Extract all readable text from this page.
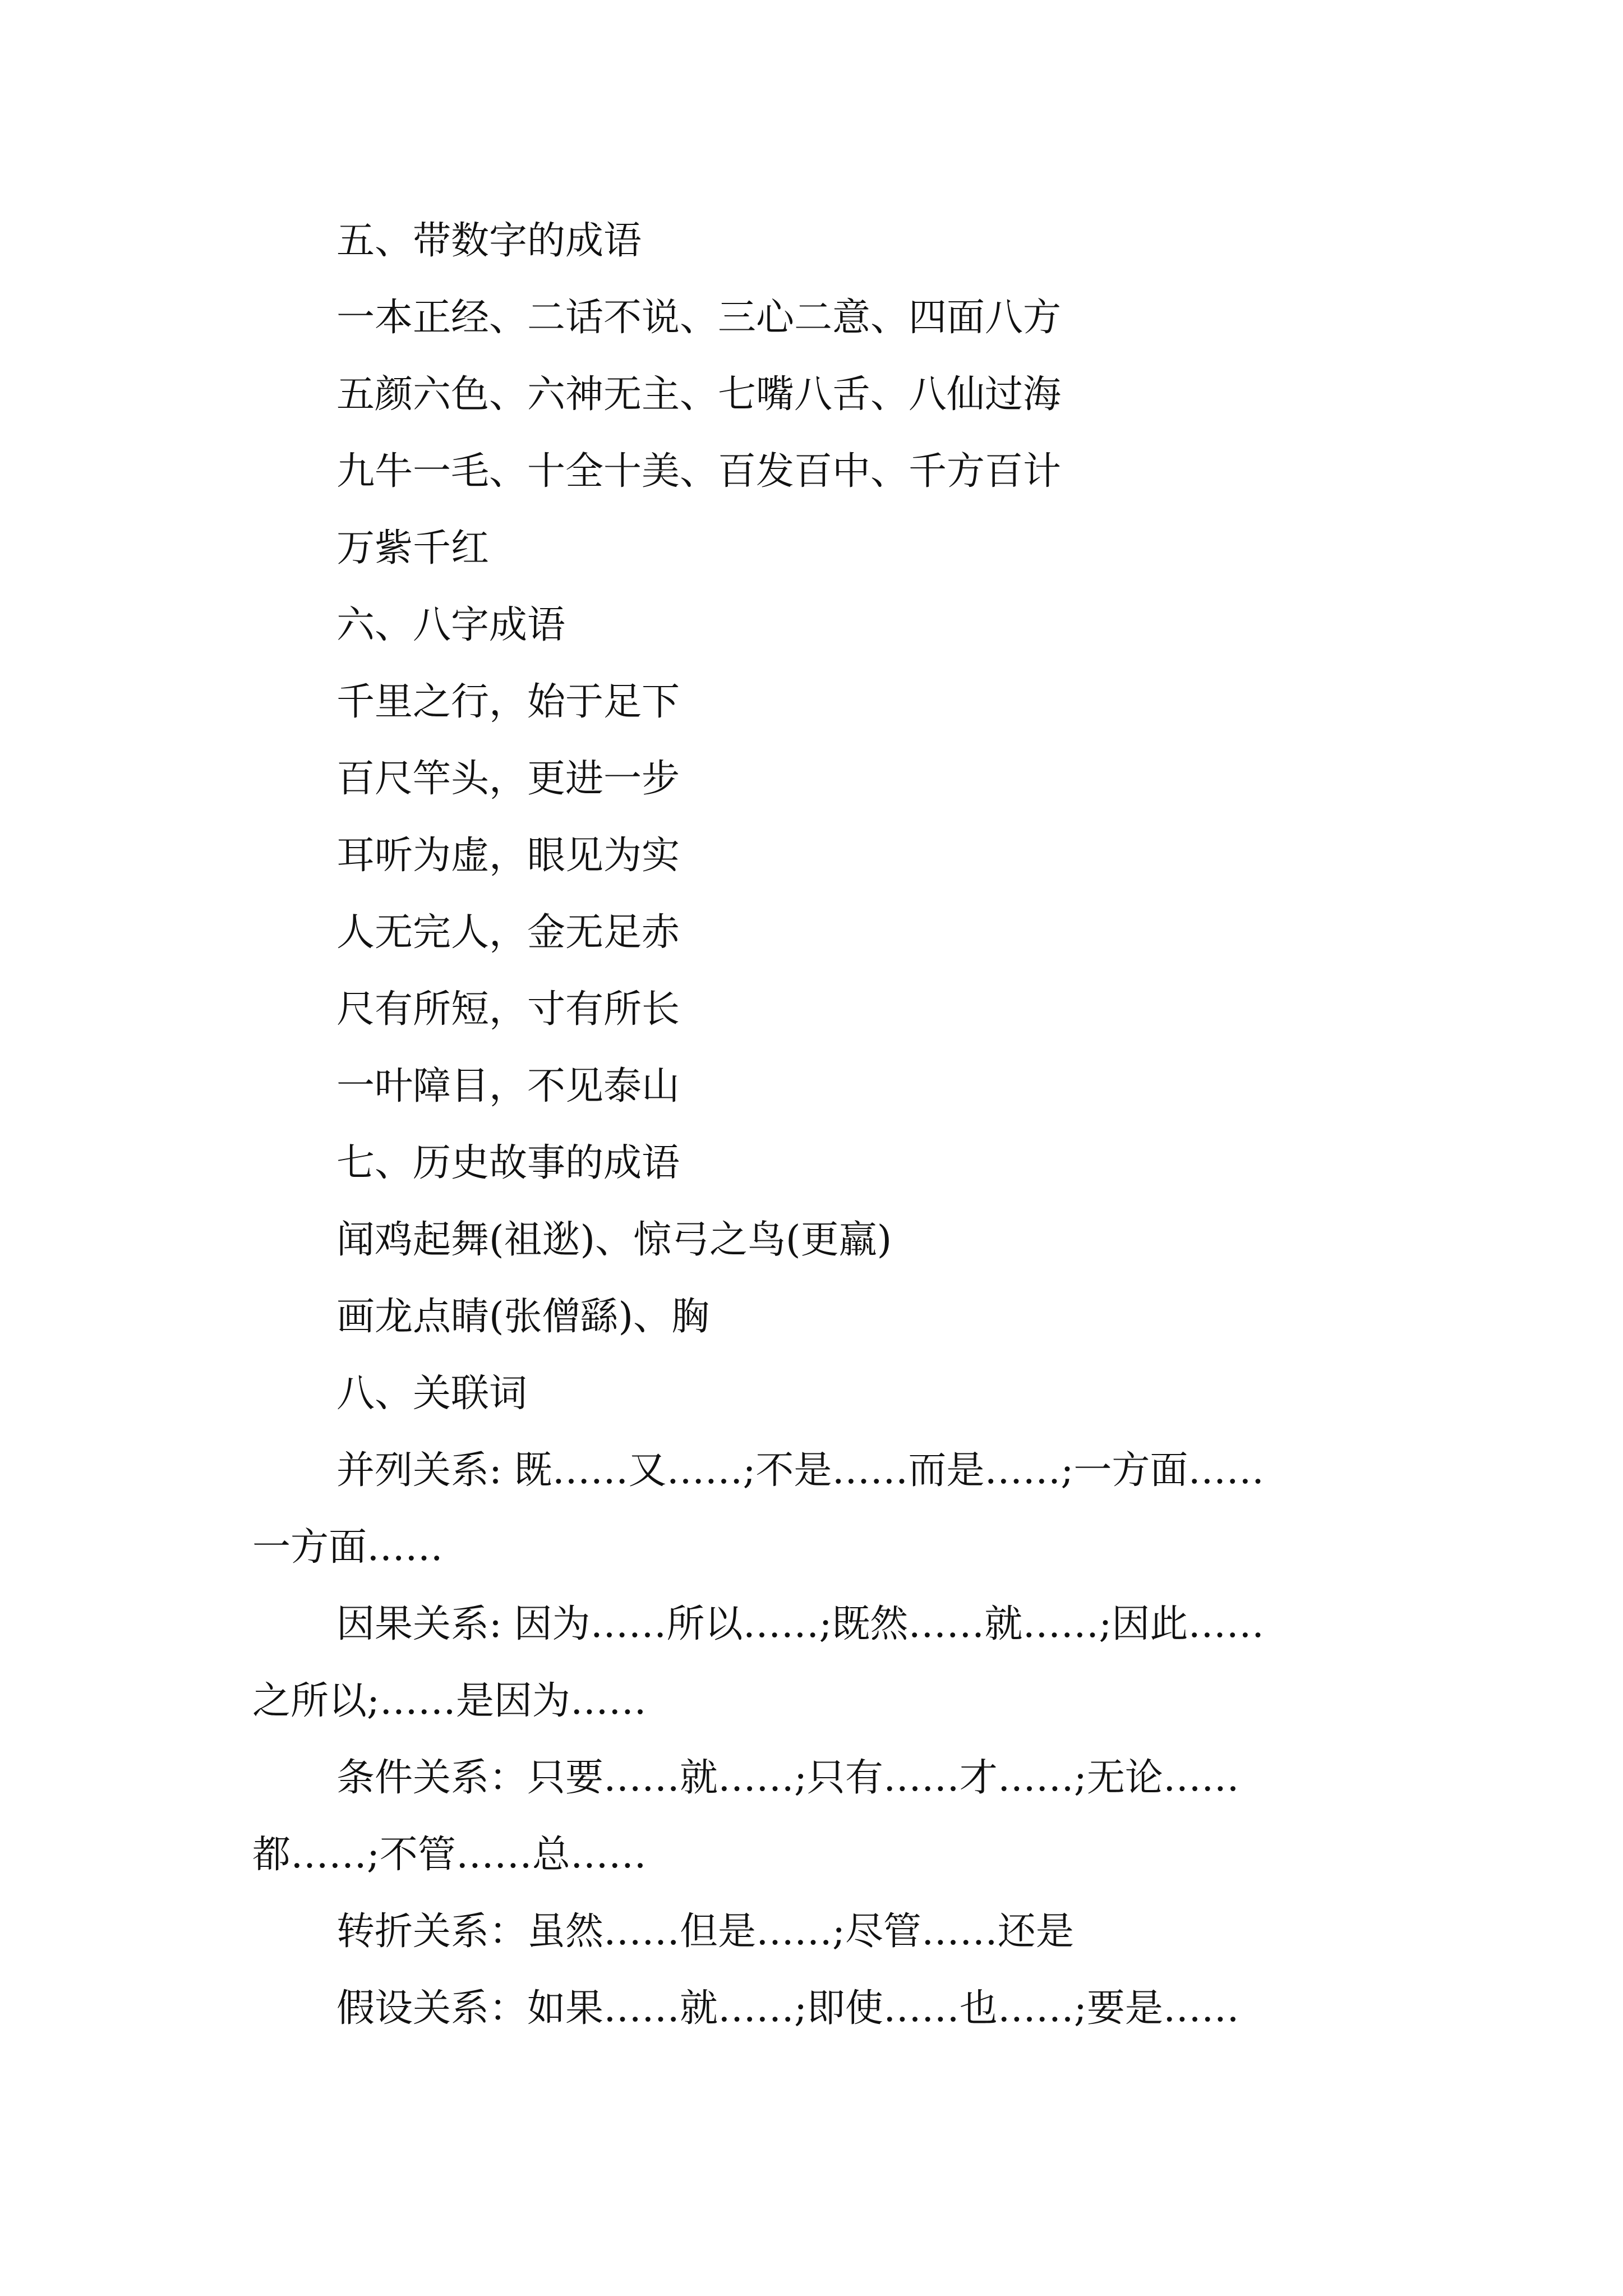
五、带数字的成语
一本正经、二话不说、三心二意、四面八方
五颜六色、六神无主、七嘴八舌、八仙过海
九牛一毛、十全十美、百发百中、千方百计
万紫千红
六、八字成语
千里之行，始于足下
百尺竿头，更进一步
耳听为虚，眼见为实
人无完人，金无足赤
尺有所短，寸有所长
一叶障目，不见泰山
七、历史故事的成语
闻鸡起舞(祖逖)、惊弓之鸟(更羸)
画龙点睛(张僧繇)、胸
八、关联词
并列关系: 既……又……;不是……而是……;一方面……
一方面……
因果关系: 因为……所以……;既然……就……;因此……
之所以;……是因为……
条件关系：只要……就……;只有……才……;无论……
都……;不管……总……
转折关系：虽然……但是……;尽管……还是
假设关系：如果……就……;即使……也……;要是……
